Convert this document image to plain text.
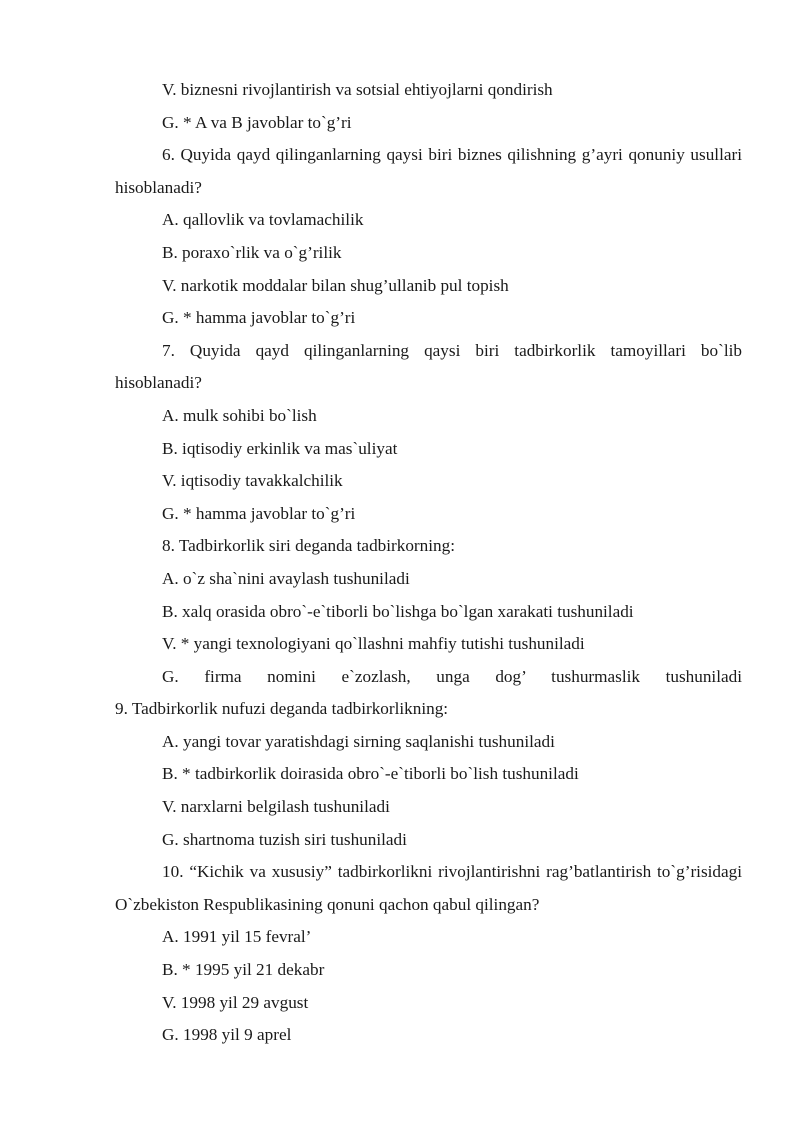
V. biznesni rivojlantirish va sotsial ehtiyojlarni qondirish
G. * A va B javoblar to`g’ri
6. Quyida qayd qilinganlarning qaysi biri biznes qilishning g’ayri qonuniy usullari hisoblanadi?
A. qallovlik va tovlamachilik
B. poraxo`rlik va o`g’rilik
V. narkotik moddalar bilan shug’ullanib pul topish
G. * hamma javoblar to`g’ri
7. Quyida qayd qilinganlarning qaysi biri tadbirkorlik tamoyillari bo`lib hisoblanadi?
A. mulk sohibi bo`lish
B. iqtisodiy erkinlik va mas`uliyat
V. iqtisodiy tavakkalchilik
G. * hamma javoblar to`g’ri
8. Tadbirkorlik siri deganda tadbirkorning:
A. o`z sha`nini avaylash tushuniladi
B. xalq orasida obro`-e`tiborli bo`lishga bo`lgan xarakati tushuniladi
V. * yangi texnologiyani qo`llashni mahfiy tutishi tushuniladi
G. firma nomini e`zozlash, unga dog’ tushurmaslik tushuniladi
9. Tadbirkorlik nufuzi deganda tadbirkorlikning:
A. yangi tovar yaratishdagi sirning saqlanishi tushuniladi
B. * tadbirkorlik doirasida obro`-e`tiborli bo`lish tushuniladi
V. narxlarni belgilash tushuniladi
G. shartnoma tuzish siri tushuniladi
10. “Kichik va xususiy” tadbirkorlikni rivojlantirishni rag’batlantirish to`g’risidagi O`zbekiston Respublikasining qonuni qachon qabul qilingan?
A. 1991 yil 15 fevral’
B. * 1995 yil 21 dekabr
V. 1998 yil 29 avgust
G. 1998 yil 9 aprel
